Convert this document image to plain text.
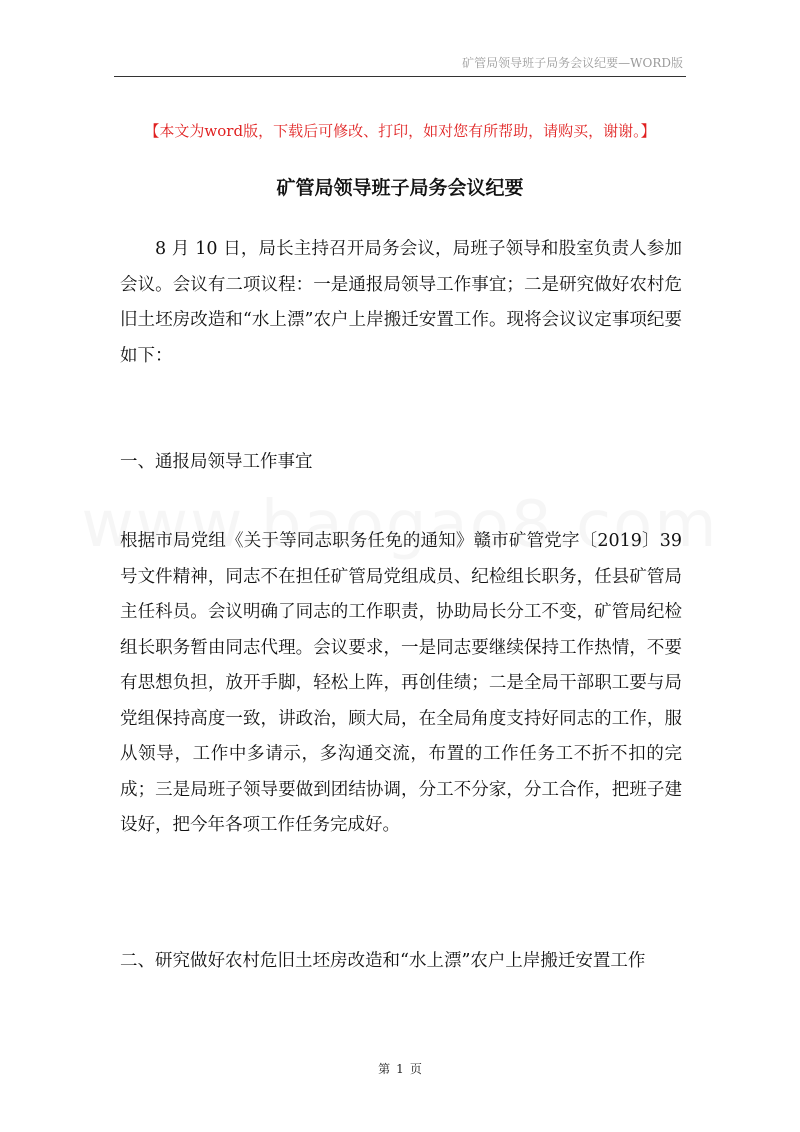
矿管局领导班子局务会议纪要—WORD版
【本文为word版，下载后可修改、打印，如对您有所帮助，请购买，谢谢。】
矿管局领导班子局务会议纪要
8 月 10 日，局长主持召开局务会议，局班子领导和股室负责人参加会议。会议有二项议程：一是通报局领导工作事宜；二是研究做好农村危旧土坯房改造和“水上漂”农户上岸搬迁安置工作。现将会议议定事项纪要如下：
一、通报局领导工作事宜
根据市局党组《关于等同志职务任免的通知》赣市矿管党字〔2019〕39 号文件精神，同志不在担任矿管局党组成员、纪检组长职务，任县矿管局主任科员。会议明确了同志的工作职责，协助局长分工不变，矿管局纪检组长职务暂由同志代理。会议要求，一是同志要继续保持工作热情，不要有思想负担，放开手脚，轻松上阵，再创佳绩；二是全局干部职工要与局党组保持高度一致，讲政治，顾大局，在全局角度支持好同志的工作，服从领导，工作中多请示，多沟通交流，布置的工作任务工不折不扣的完成；三是局班子领导要做到团结协调，分工不分家，分工合作，把班子建设好，把今年各项工作任务完成好。
二、研究做好农村危旧土坯房改造和“水上漂”农户上岸搬迁安置工作
第 1 页
